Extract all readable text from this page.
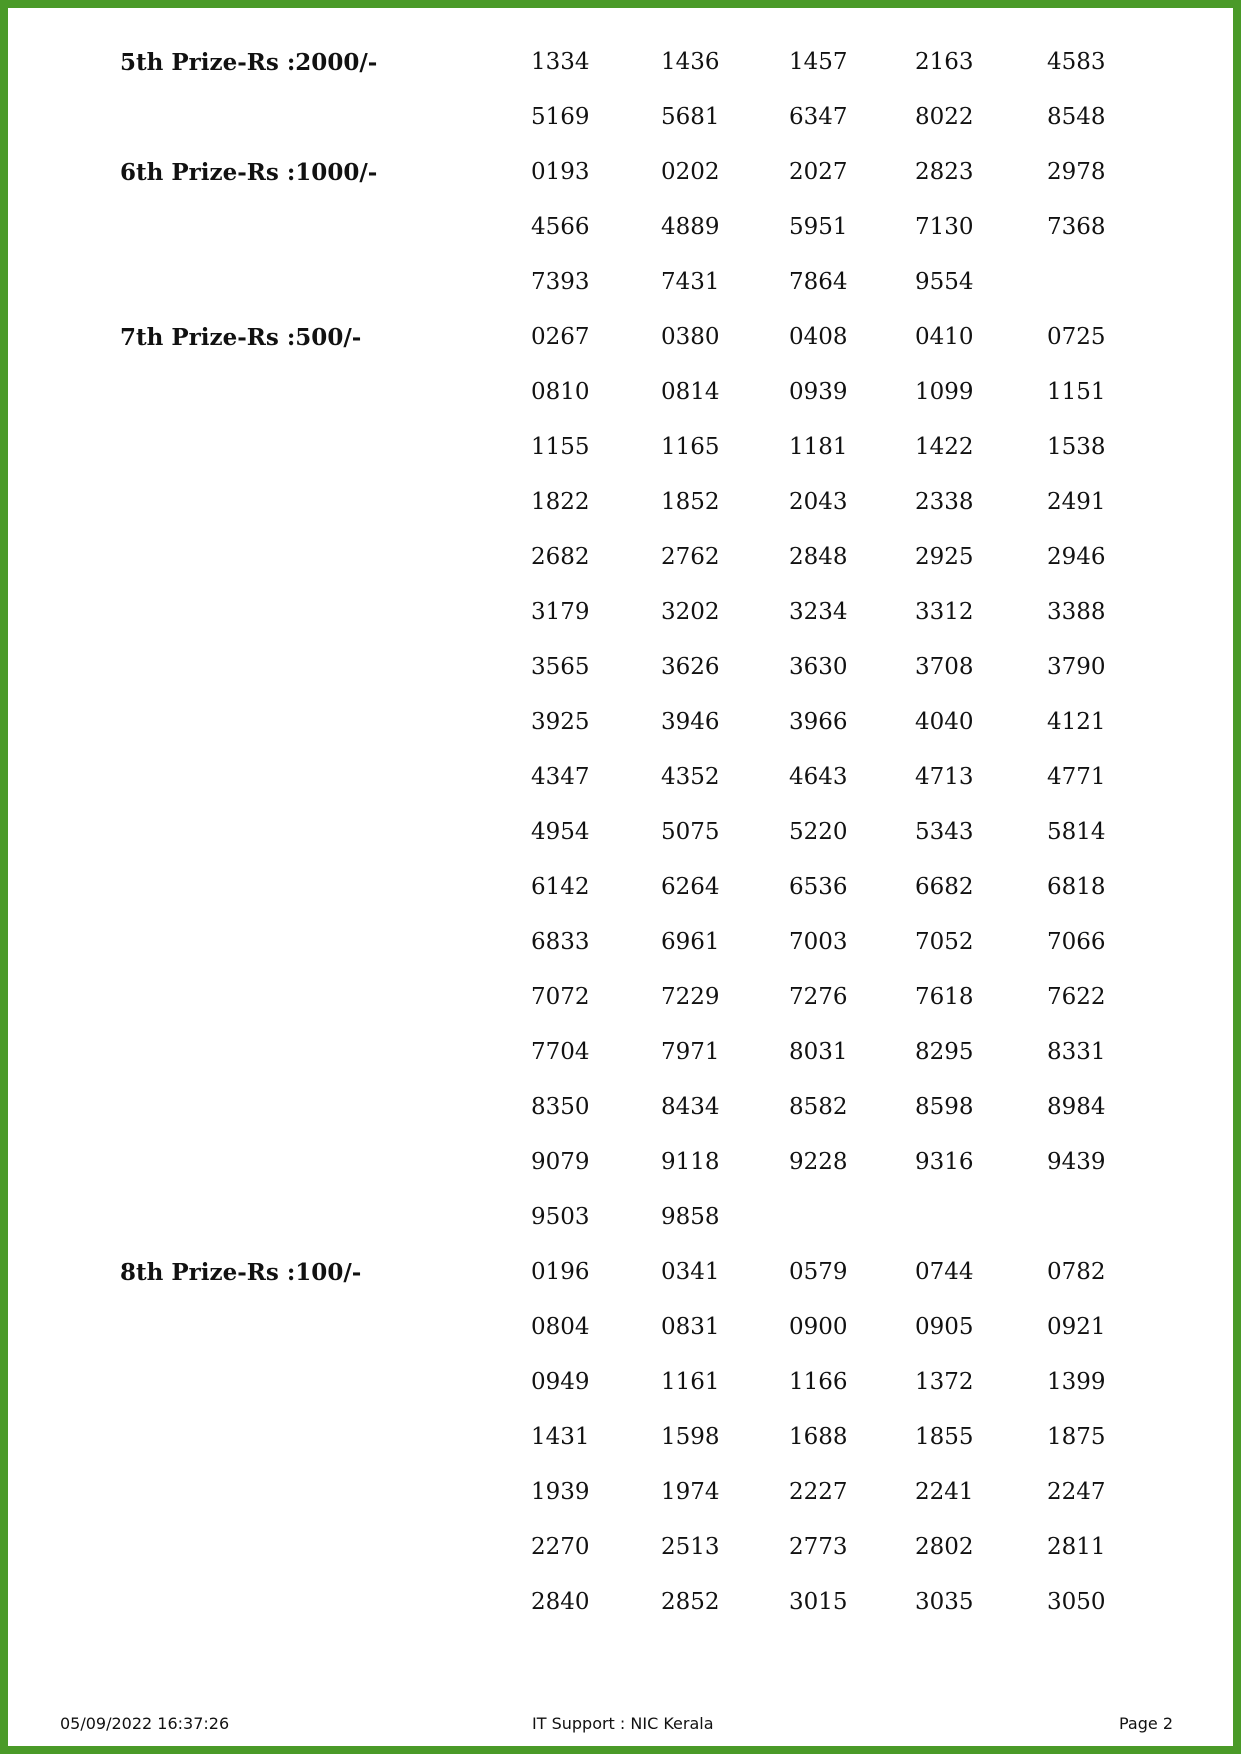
5th Prize-Rs :2000/-	1334	1436	1457	2163	4583
5169	5681	6347	8022	8548
6th Prize-Rs :1000/-	0193	0202	2027	2823	2978
4566	4889	5951	7130	7368
7393	7431	7864	9554
7th Prize-Rs :500/-	0267	0380	0408	0410	0725
0810	0814	0939	1099	1151
1155	1165	1181	1422	1538
1822	1852	2043	2338	2491
2682	2762	2848	2925	2946
3179	3202	3234	3312	3388
3565	3626	3630	3708	3790
3925	3946	3966	4040	4121
4347	4352	4643	4713	4771
4954	5075	5220	5343	5814
6142	6264	6536	6682	6818
6833	6961	7003	7052	7066
7072	7229	7276	7618	7622
7704	7971	8031	8295	8331
8350	8434	8582	8598	8984
9079	9118	9228	9316	9439
9503	9858
8th Prize-Rs :100/-	0196	0341	0579	0744	0782
0804	0831	0900	0905	0921
0949	1161	1166	1372	1399
1431	1598	1688	1855	1875
1939	1974	2227	2241	2247
2270	2513	2773	2802	2811
2840	2852	3015	3035	3050
05/09/2022 16:37:26	IT Support : NIC Kerala	Page 2
